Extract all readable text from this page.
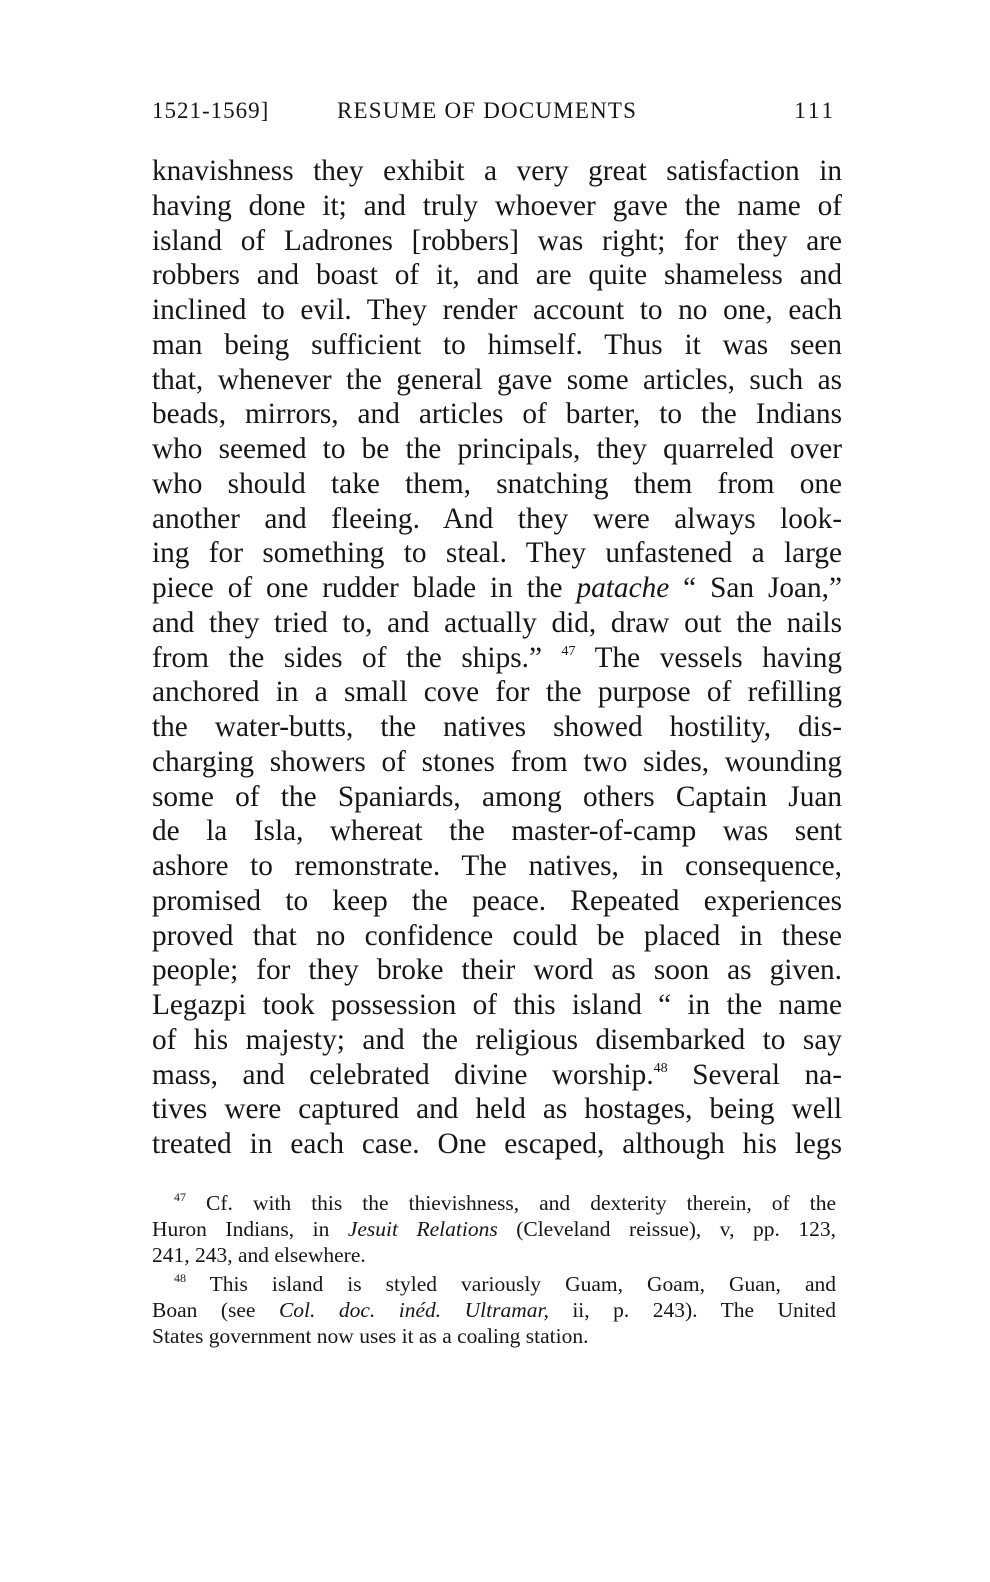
1521-1569]	RESUME OF DOCUMENTS	111
knavishness they exhibit a very great satisfaction in
having done it; and truly whoever gave the name of
island of Ladrones [robbers] was right; for they are
robbers and boast of it, and are quite shameless and
inclined to evil. They render account to no one, each
man being sufficient to himself. Thus it was seen
that, whenever the general gave some articles, such as
beads, mirrors, and articles of barter, to the Indians
who seemed to be the principals, they quarreled over
who should take them, snatching them from one
another and fleeing. And they were always look-
ing for something to steal. They unfastened a large
piece of one rudder blade in the patache “ San Joan,”
and they tried to, and actually did, draw out the nails
from the sides of the ships.” $^{47}$ The vessels having
anchored in a small cove for the purpose of refilling
the water-butts, the natives showed hostility, dis-
charging showers of stones from two sides, wounding
some of the Spaniards, among others Captain Juan
de la Isla, whereat the master-of-camp was sent
ashore to remonstrate. The natives, in consequence,
promised to keep the peace. Repeated experiences
proved that no confidence could be placed in these
people; for they broke their word as soon as given.
Legazpi took possession of this island “ in the name
of his majesty; and the religious disembarked to say
mass, and celebrated divine worship.$^{48}$ Several na-
tives were captured and held as hostages, being well
treated in each case. One escaped, although his legs
$^{47}$ Cf. with this the thievishness, and dexterity therein, of the
Huron Indians, in Jesuit Relations (Cleveland reissue), v, pp. 123,
241, 243, and elsewhere.
$^{48}$ This island is styled variously Guam, Goam, Guan, and
Boan (see Col. doc. inéd. Ultramar, ii, p. 243). The United
States government now uses it as a coaling station.
